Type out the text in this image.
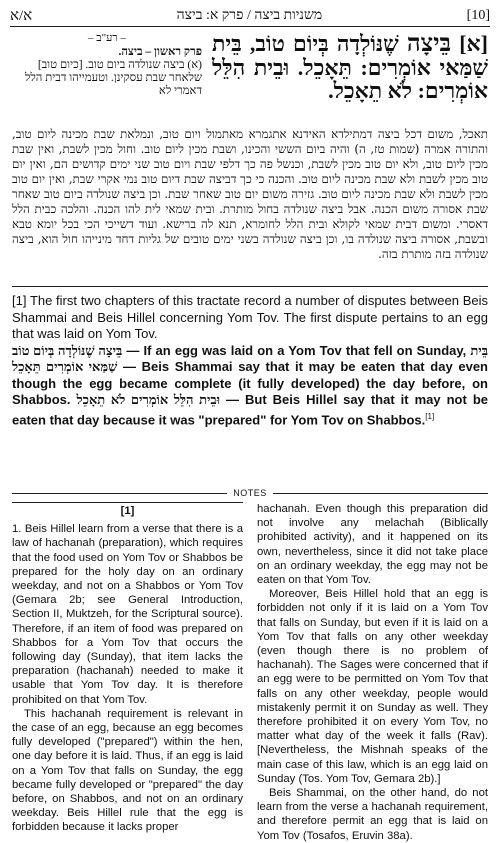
א/א	משניות ביצה / פרק א: ביצה	[10]
– רע"ב –
פרק ראשון – ביצה.
(א) ביצה שנולדה ביום טוב. [כיום טוב] שלאחר שבת עסקינן. וטעמייהו דבית הלל דאמרי לא
[א] בֵּיצָה שֶׁנּוֹלְדָה בְּיוֹם טוֹב, בֵּית שַׁמַּאי אוֹמְרִים: תֵּאָכֵל. וּבֵית הִלֵּל אוֹמְרִים: לֹא תֵאָכֵל.

תאכל, משום דכל ביצה דמתילדא האידנא אתגמרא מאתמול ויום טוב, ונמלאת שבת מכינה ליום טוב, והתורה אמרה (שמות טז, ה) והיה ביום הששי והכינו, ושבת מכין ליום טוב. וחול מכין לשבת, ואין שבת מכין ליום טוב, ולא יום טוב מכין לשבת, וכנשל פה כך דלפי שבת ויום טוב שני ימים קדושים הם, ואין יום טוב מכין לשבת ולא שבת מכינה ליום טוב. והכנה כי כך דביצה שבת דיום טוב נמי אקרי שבת, ואין יום טוב מכין לשבת ולא שבת מכינה ליום טוב. גזירה משום יום טוב שאחר שבת. וכן ביצה שנולדה ביום טוב שאחר שבת אסורה משום הכנה. אבל ביצה שנולדה בחול מותרת. ובית שמאי לית להו הכנה. והלכה כבית הלל דאסרי. ומשום דבית שמאי לקולא ובית הלל לחומרא, תנא לה ברישא. ועוד דשייכי הכי בכל יומא טבא ובשבת, אסורה ביצה שנולדה בו, וכן ביצה שנולדה בשני ימים טובים של גליות דחד מינייהו חול הוא, ביצה שנולדה בזה מותרת בזה.

[1] The first two chapters of this tractate record a number of disputes between Beis Shammai and Beis Hillel concerning Yom Tov. The first dispute pertains to an egg that was laid on Yom Tov.

בֵּיצָה שֶׁנּוֹלְדָה בְּיוֹם טוֹב — If an egg was laid on a Yom Tov that fell on Sunday, בֵּית שַׁמַּאי אוֹמְרִים תֵּאָכֵל — Beis Shammai say that it may be eaten that day even though the egg became complete (it fully developed) the day before, on Shabbos. וּבֵית הִלֵּל אוֹמְרִים לֹא תֵאָכֵל — But Beis Hillel say that it may not be eaten that day because it was "prepared" for Yom Tov on Shabbos.[1]

NOTES
[1]

1. Beis Hillel learn from a verse that there is a law of hachanah (preparation), which requires that the food used on Yom Tov or Shabbos be prepared for the holy day on an ordinary weekday, and not on a Shabbos or Yom Tov (Gemara 2b; see General Introduction, Section II, Muktzeh, for the Scriptural source). Therefore, if an item of food was prepared on Shabbos for a Yom Tov that occurs the following day (Sunday), that item lacks the preparation (hachanah) needed to make it usable that Yom Tov day. It is therefore prohibited on that Yom Tov.

This hachanah requirement is relevant in the case of an egg, because an egg becomes fully developed ("prepared") within the hen, one day before it is laid. Thus, if an egg is laid on a Yom Tov that falls on Sunday, the egg became fully developed or "prepared" the day before, on Shabbos, and not on an ordinary weekday. Beis Hillel rule that the egg is forbidden because it lacks proper

hachanah. Even though this preparation did not involve any melachah (Biblically prohibited activity), and it happened on its own, nevertheless, since it did not take place on an ordinary weekday, the egg may not be eaten on that Yom Tov.

Moreover, Beis Hillel hold that an egg is forbidden not only if it is laid on a Yom Tov that falls on Sunday, but even if it is laid on a Yom Tov that falls on any other weekday (even though there is no problem of hachanah). The Sages were concerned that if an egg were to be permitted on Yom Tov that falls on any other weekday, people would mistakenly permit it on Sunday as well. They therefore prohibited it on every Yom Tov, no matter what day of the week it falls (Rav). [Nevertheless, the Mishnah speaks of the main case of this law, which is an egg laid on Sunday (Tos. Yom Tov, Gemara 2b).]

Beis Shammai, on the other hand, do not learn from the verse a hachanah requirement, and therefore permit an egg that is laid on Yom Tov (Tosafos, Eruvin 38a).
